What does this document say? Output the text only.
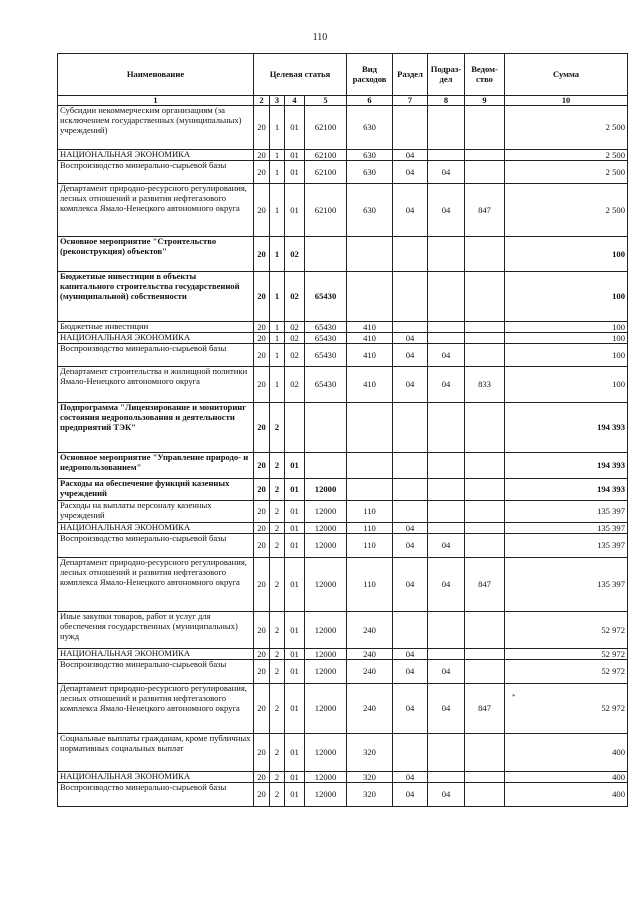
110
Наименование	Целевая статья				Вид расходов	Раздел	Подраз-дел	Ведом-ство	Сумма
1	2	3	4	5	6	7	8	9	10
Субсидии некоммерческим организациям (за исключением государственных (муниципальных) учреждений)	20	1	01	62100	630				2 500
НАЦИОНАЛЬНАЯ ЭКОНОМИКА	20	1	01	62100	630	04			2 500
Воспроизводство минерально-сырьевой базы	20	1	01	62100	630	04	04		2 500
Департамент природно-ресурсного регулирования, лесных отношений и развития нефтегазового комплекса Ямало-Ненецкого автономного округа	20	1	01	62100	630	04	04	847	2 500
Основное мероприятие "Строительство (реконструкция) объектов"	20	1	02						100
Бюджетные инвестиции в объекты капитального строительства государственной (муниципальной) собственности	20	1	02	65430					100
Бюджетные инвестиции	20	1	02	65430	410				100
НАЦИОНАЛЬНАЯ ЭКОНОМИКА	20	1	02	65430	410	04			100
Воспроизводство минерально-сырьевой базы	20	1	02	65430	410	04	04		100
Департамент строительства и жилищной политики Ямало-Ненецкого автономного округа	20	1	02	65430	410	04	04	833	100
Подпрограмма "Лицензирование и мониторинг состояния недропользования и деятельности предприятий ТЭК"	20	2							194 393
Основное мероприятие "Управление природо- и недропользованием"	20	2	01						194 393
Расходы на обеспечение функций казенных учреждений	20	2	01	12000					194 393
Расходы на выплаты персоналу казенных учреждений	20	2	01	12000	110				135 397
НАЦИОНАЛЬНАЯ ЭКОНОМИКА	20	2	01	12000	110	04			135 397
Воспроизводство минерально-сырьевой базы	20	2	01	12000	110	04	04		135 397
Департамент природно-ресурсного регулирования, лесных отношений и развития нефтегазового комплекса Ямало-Ненецкого автономного округа	20	2	01	12000	110	04	04	847	135 397
Иные закупки товаров, работ и услуг для обеспечения государственных (муниципальных) нужд	20	2	01	12000	240				52 972
НАЦИОНАЛЬНАЯ ЭКОНОМИКА	20	2	01	12000	240	04			52 972
Воспроизводство минерально-сырьевой базы	20	2	01	12000	240	04	04		52 972
Департамент природно-ресурсного регулирования, лесных отношений и развития нефтегазового комплекса Ямало-Ненецкого автономного округа	20	2	01	12000	240	04	04	847	52 972
Социальные выплаты гражданам, кроме публичных нормативных социальных выплат	20	2	01	12000	320				400
НАЦИОНАЛЬНАЯ ЭКОНОМИКА	20	2	01	12000	320	04			400
Воспроизводство минерально-сырьевой базы	20	2	01	12000	320	04	04		400
*
